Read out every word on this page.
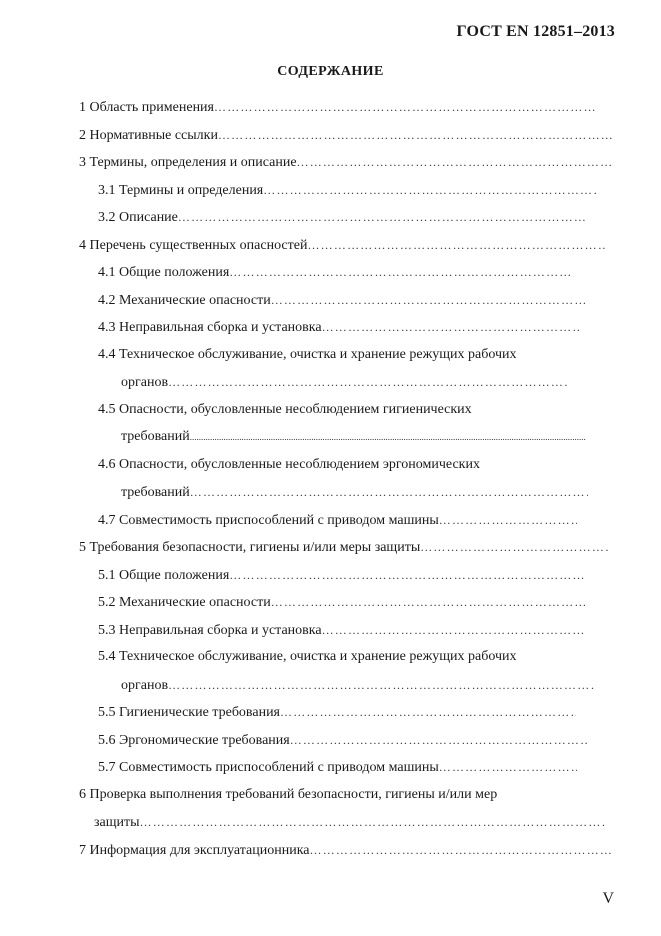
ГОСТ EN 12851–2013
СОДЕРЖАНИЕ
1 Область применения
……………………………………………………………………………………………………………………………………………………
2 Нормативные ссылки
……………………………………………………………………………………………………………………………………………………
3 Термины, определения и описание
……………………………………………………………………………………………………………………………………………………
3.1 Термины и определения
……………………………………………………………………………………………………………………………………………………
3.2 Описание
……………………………………………………………………………………………………………………………………………………
4 Перечень существенных опасностей
……………………………………………………………………………………………………………………………………………………
4.1 Общие положения
……………………………………………………………………………………………………………………………………………………
4.2 Механические опасности
……………………………………………………………………………………………………………………………………………………
4.3 Неправильная сборка и установка
……………………………………………………………………………………………………………………………………………………
4.4 Техническое обслуживание, очистка и хранение режущих рабочих
органов
……………………………………………………………………………………………………………………………………………………
4.5 Опасности, обусловленные несоблюдением гигиенических
требований
.....
4.6 Опасности, обусловленные несоблюдением эргономических
требований
……………………………………………………………………………………………………………………………………………………
4.7 Совместимость приспособлений с приводом машины
……………………………………………………………………………………………………………………………………………………
5 Требования безопасности, гигиены и/или меры защиты
……………………………………………………………………………………………………………………………………………………
5.1 Общие положения
……………………………………………………………………………………………………………………………………………………
5.2 Механические опасности
……………………………………………………………………………………………………………………………………………………
5.3 Неправильная сборка и установка
……………………………………………………………………………………………………………………………………………………
5.4 Техническое обслуживание, очистка и хранение режущих рабочих
органов
……………………………………………………………………………………………………………………………………………………
5.5 Гигиенические требования
……………………………………………………………………………………………………………………………………………………
5.6 Эргономические требования
……………………………………………………………………………………………………………………………………………………
5.7 Совместимость приспособлений с приводом машины
……………………………………………………………………………………………………………………………………………………
6 Проверка выполнения требований безопасности, гигиены и/или мер
защиты
……………………………………………………………………………………………………………………………………………………
7 Информация для эксплуатационника
……………………………………………………………………………………………………………………………………………………
V
